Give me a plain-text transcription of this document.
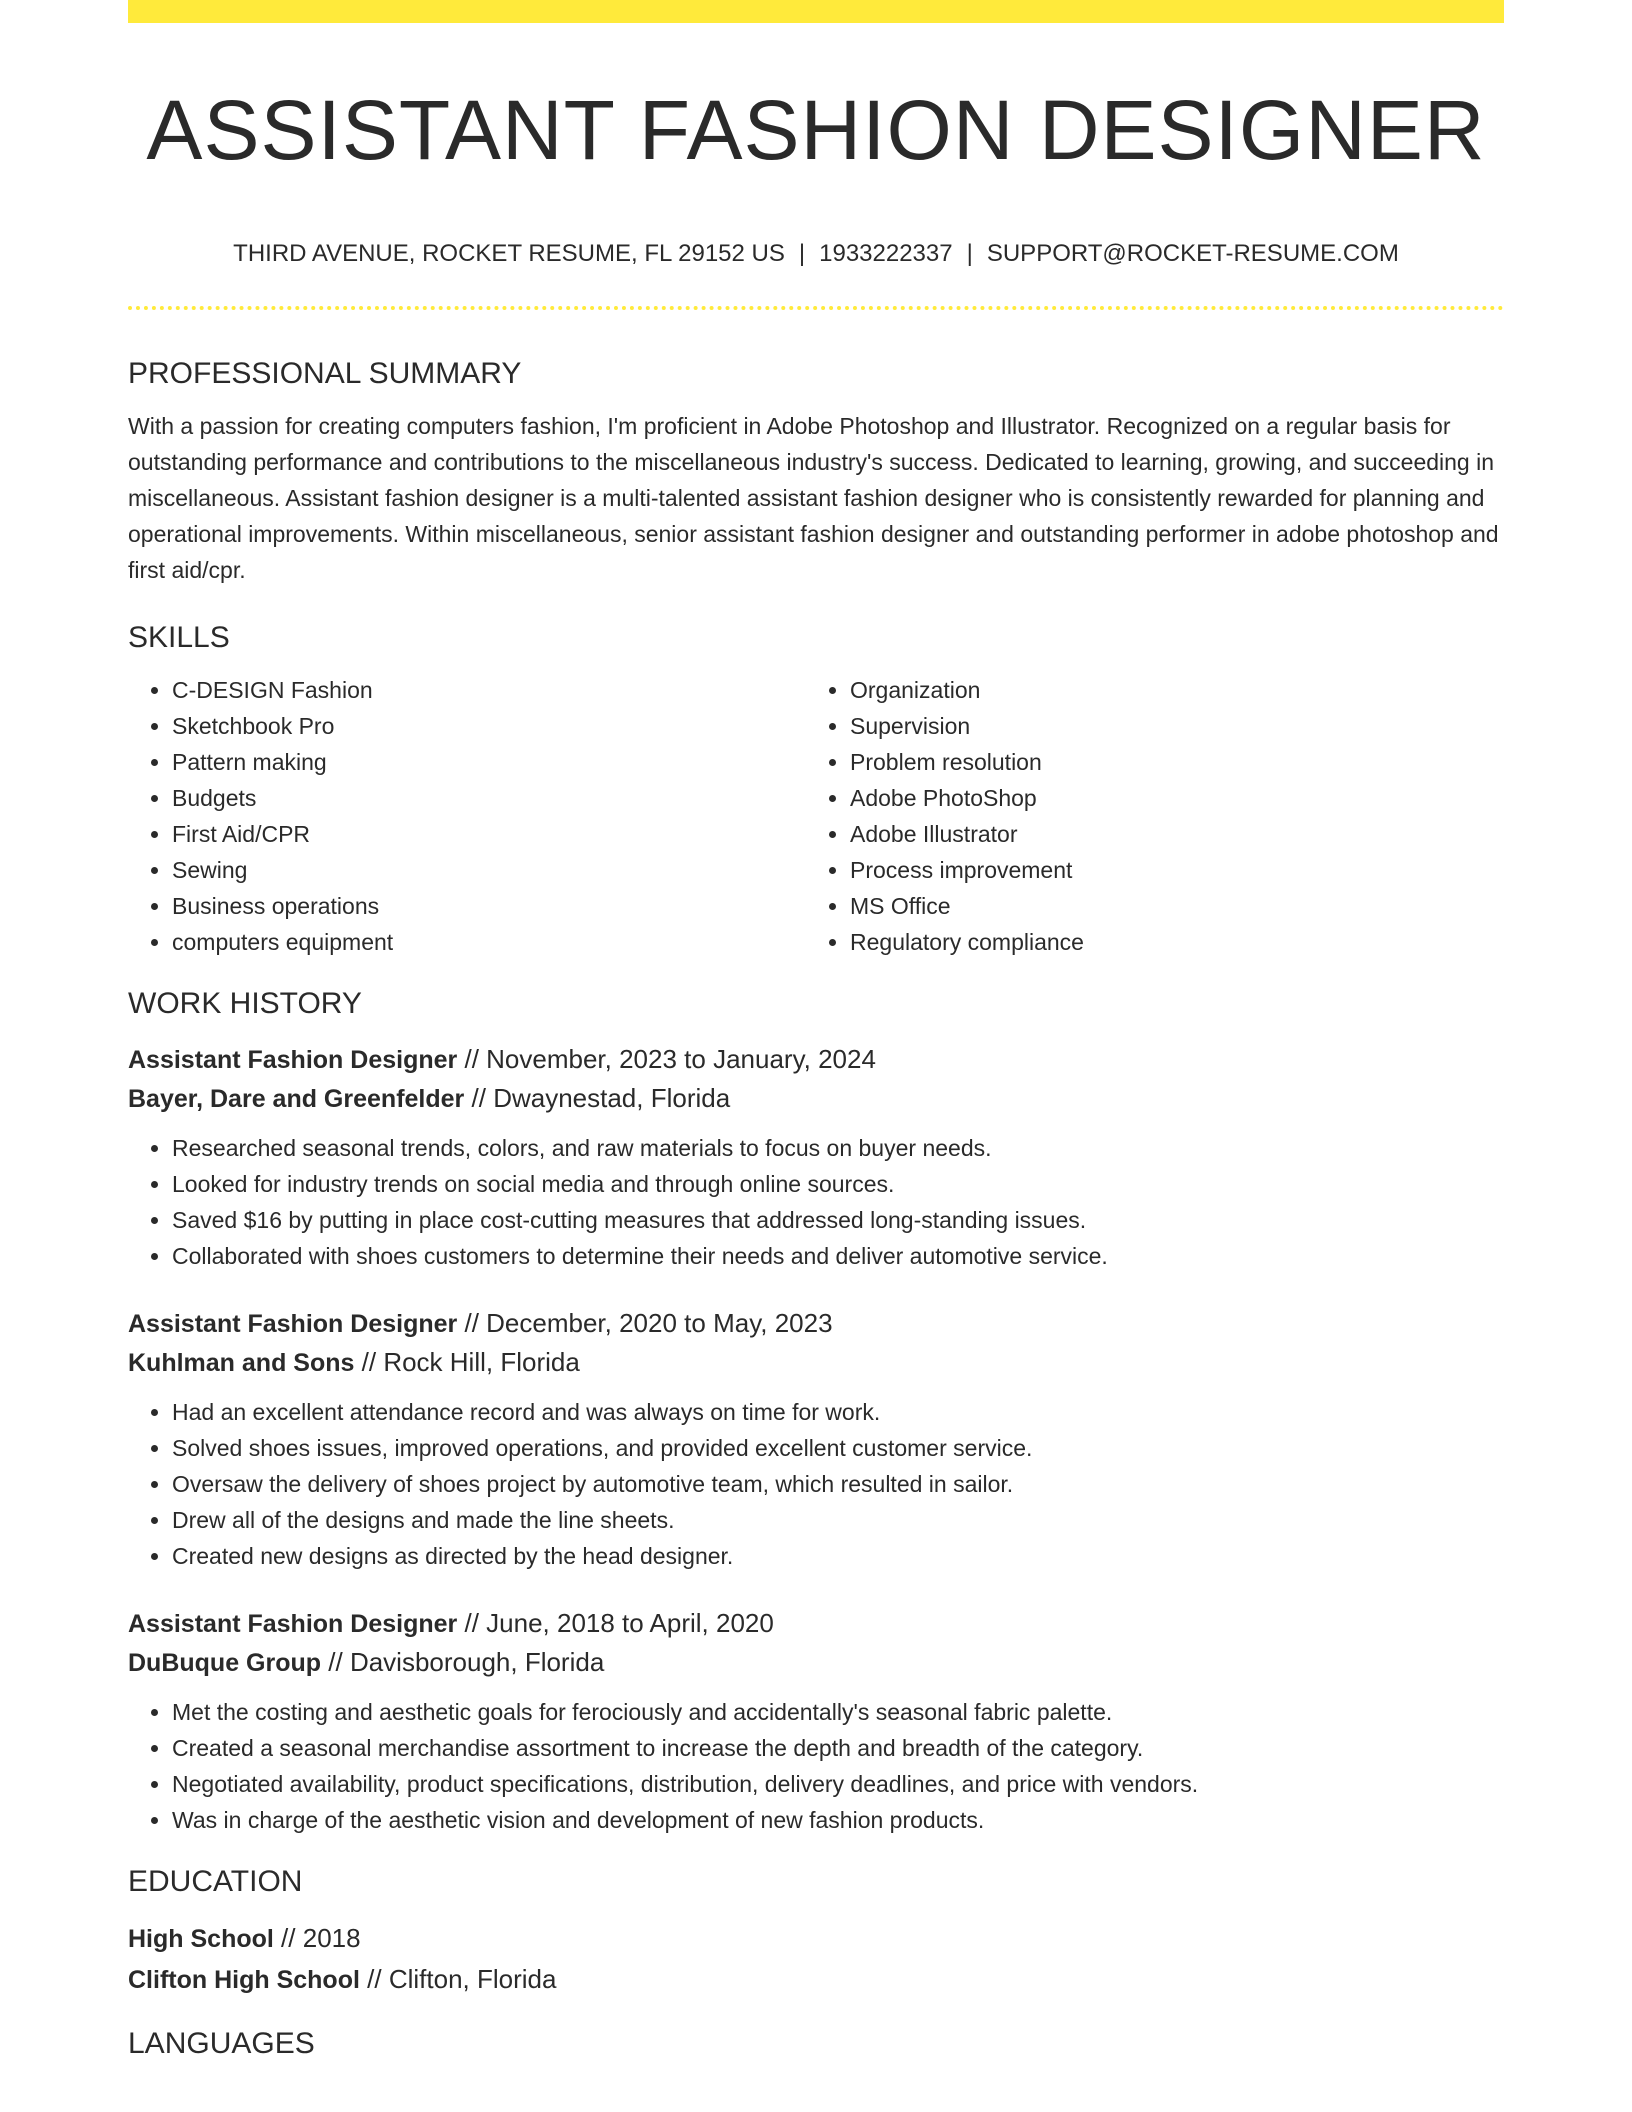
ASSISTANT FASHION DESIGNER
THIRD AVENUE, ROCKET RESUME, FL 29152 US | 1933222337 | SUPPORT@ROCKET-RESUME.COM
PROFESSIONAL SUMMARY

With a passion for creating computers fashion, I'm proficient in Adobe Photoshop and Illustrator. Recognized on a regular basis for outstanding performance and contributions to the miscellaneous industry's success. Dedicated to learning, growing, and succeeding in miscellaneous. Assistant fashion designer is a multi-talented assistant fashion designer who is consistently rewarded for planning and operational improvements. Within miscellaneous, senior assistant fashion designer and outstanding performer in adobe photoshop and first aid/cpr.

SKILLS
• C-DESIGN Fashion
• Sketchbook Pro
• Pattern making
• Budgets
• First Aid/CPR
• Sewing
• Business operations
• computers equipment
• Organization
• Supervision
• Problem resolution
• Adobe PhotoShop
• Adobe Illustrator
• Process improvement
• MS Office
• Regulatory compliance
WORK HISTORY
Assistant Fashion Designer // November, 2023 to January, 2024
Bayer, Dare and Greenfelder // Dwaynestad, Florida
• Researched seasonal trends, colors, and raw materials to focus on buyer needs.
• Looked for industry trends on social media and through online sources.
• Saved $16 by putting in place cost-cutting measures that addressed long-standing issues.
• Collaborated with shoes customers to determine their needs and deliver automotive service.
Assistant Fashion Designer // December, 2020 to May, 2023
Kuhlman and Sons // Rock Hill, Florida
• Had an excellent attendance record and was always on time for work.
• Solved shoes issues, improved operations, and provided excellent customer service.
• Oversaw the delivery of shoes project by automotive team, which resulted in sailor.
• Drew all of the designs and made the line sheets.
• Created new designs as directed by the head designer.
Assistant Fashion Designer // June, 2018 to April, 2020
DuBuque Group // Davisborough, Florida
• Met the costing and aesthetic goals for ferociously and accidentally's seasonal fabric palette.
• Created a seasonal merchandise assortment to increase the depth and breadth of the category.
• Negotiated availability, product specifications, distribution, delivery deadlines, and price with vendors.
• Was in charge of the aesthetic vision and development of new fashion products.
EDUCATION
High School // 2018
Clifton High School // Clifton, Florida
LANGUAGES
